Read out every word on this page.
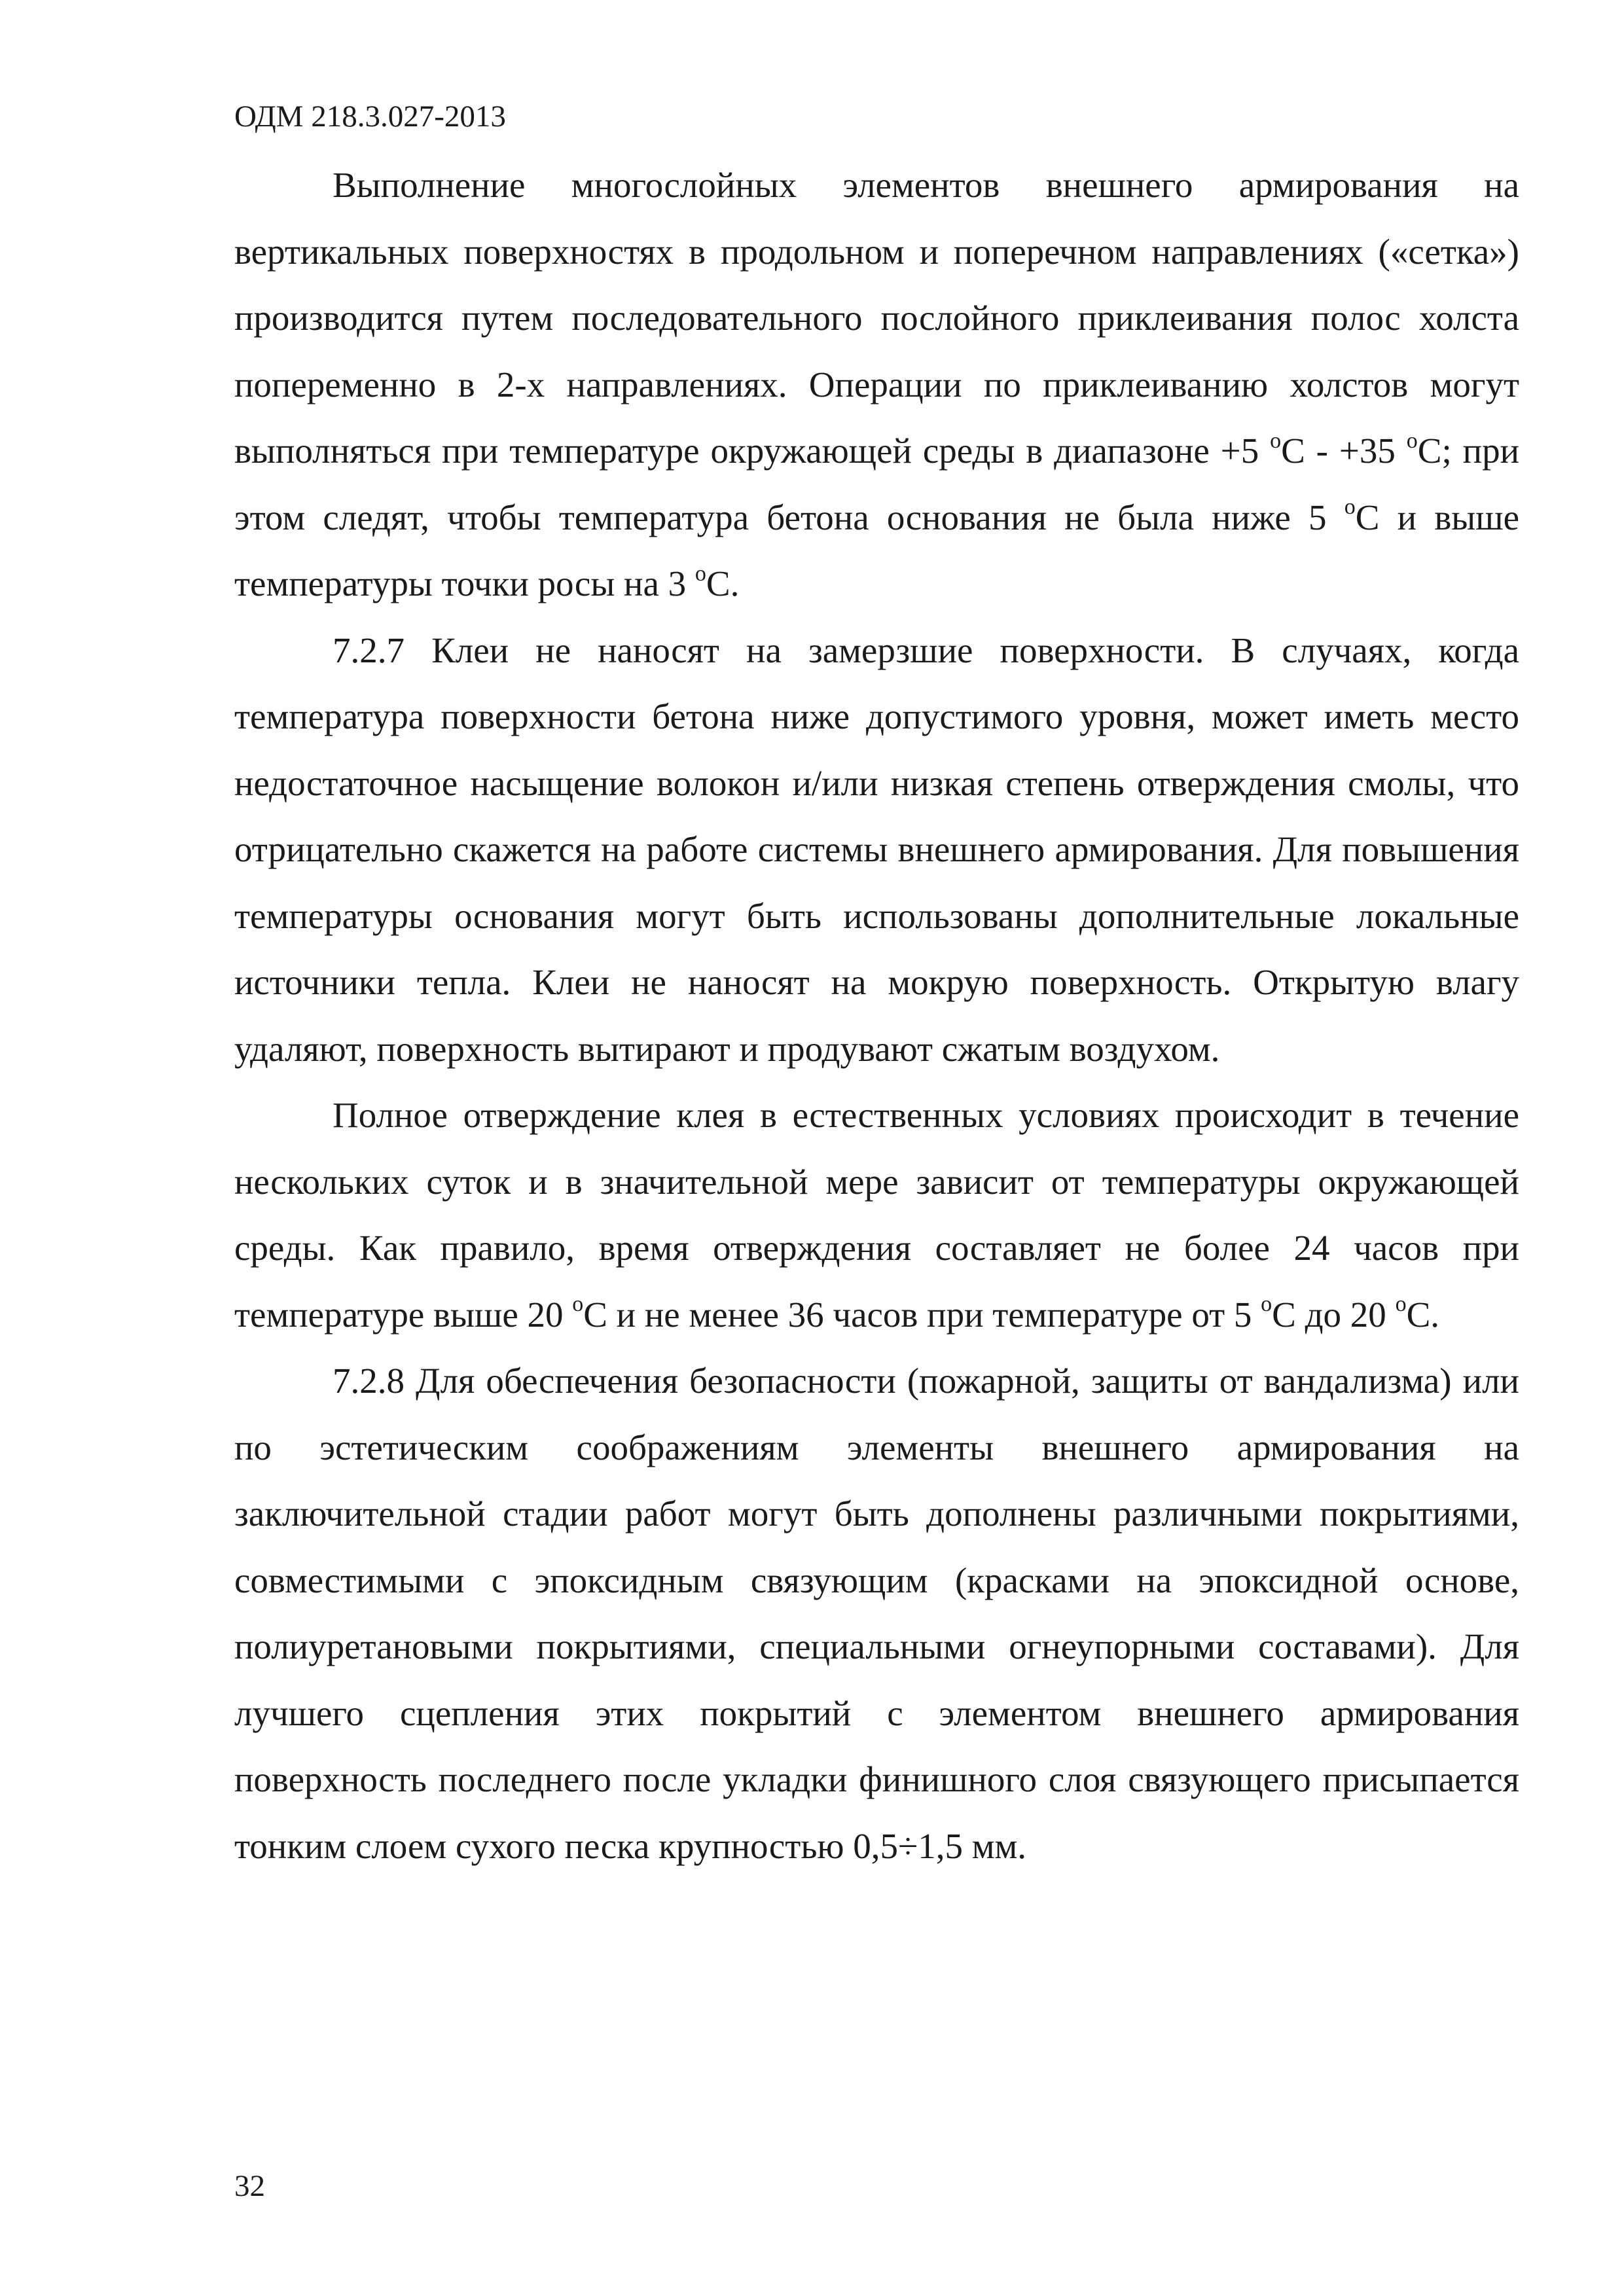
ОДМ 218.3.027-2013

Выполнение многослойных элементов внешнего армирования на вертикальных поверхностях в продольном и поперечном направлениях («сетка») производится путем последовательного послойного приклеивания полос холста попеременно в 2-х направлениях. Операции по приклеиванию холстов могут выполняться при температуре окружающей среды в диапазоне +5 $^о$С - +35 $^о$С; при этом следят, чтобы температура бетона основания не была ниже 5 $^о$С и выше температуры точки росы на 3 $^о$С.

7.2.7 Клеи не наносят на замерзшие поверхности. В случаях, когда температура поверхности бетона ниже допустимого уровня, может иметь место недостаточное насыщение волокон и/или низкая степень отверждения смолы, что отрицательно скажется на работе системы внешнего армирования. Для повышения температуры основания могут быть использованы дополнительные локальные источники тепла. Клеи не наносят на мокрую поверхность. Открытую влагу удаляют, поверхность вытирают и продувают сжатым воздухом.

Полное отверждение клея в естественных условиях происходит в течение нескольких суток и в значительной мере зависит от температуры окружающей среды. Как правило, время отверждения составляет не более 24 часов при температуре выше 20 $^о$С и не менее 36 часов при температуре от 5 $^о$С до 20 $^о$С.

7.2.8 Для обеспечения безопасности (пожарной, защиты от вандализма) или по эстетическим соображениям элементы внешнего армирования на заключительной стадии работ могут быть дополнены различными покрытиями, совместимыми с эпоксидным связующим (красками на эпоксидной основе, полиуретановыми покрытиями, специальными огнеупорными составами). Для лучшего сцепления этих покрытий с элементом внешнего армирования поверхность последнего после укладки финишного слоя связующего присыпается тонким слоем сухого песка крупностью 0,5÷1,5 мм.

32
